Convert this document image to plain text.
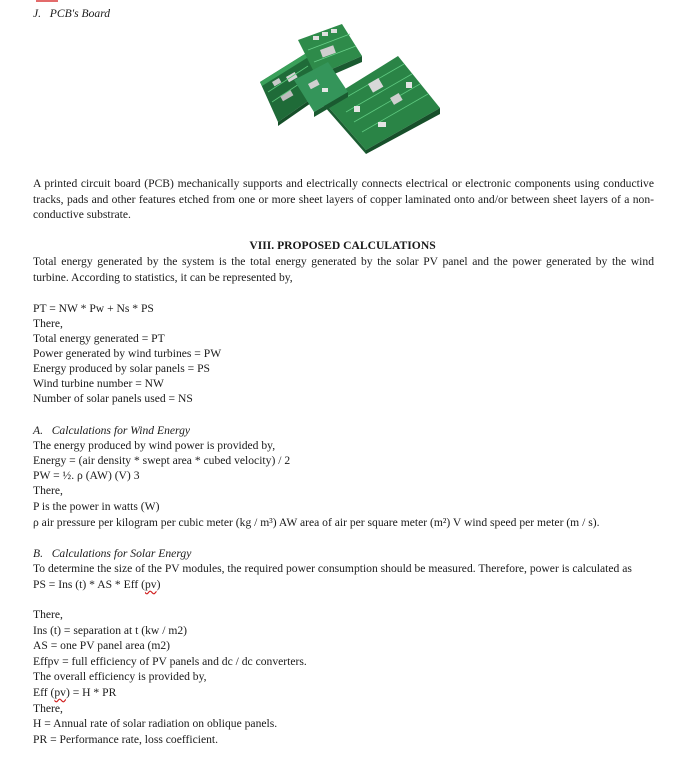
J. PCB's Board
A printed circuit board (PCB) mechanically supports and electrically connects electrical or electronic components using conductive tracks, pads and other features etched from one or more sheet layers of copper laminated onto and/or between sheet layers of a non-conductive substrate.
VIII. PROPOSED CALCULATIONS
Total energy generated by the system is the total energy generated by the solar PV panel and the power generated by the wind turbine. According to statistics, it can be represented by,
PT = NW * Pw + Ns * PS
There,
Total energy generated = PT
Power generated by wind turbines = PW
Energy produced by solar panels = PS
Wind turbine number = NW
Number of solar panels used = NS
A. Calculations for Wind Energy
The energy produced by wind power is provided by,
Energy = (air density * swept area * cubed velocity) / 2
PW = ½. ρ (AW) (V) 3
There,
P is the power in watts (W)
ρ air pressure per kilogram per cubic meter (kg / m³) AW area of air per square meter (m²) V wind speed per meter (m / s).
B. Calculations for Solar Energy
To determine the size of the PV modules, the required power consumption should be measured. Therefore, power is calculated as
PS = Ins (t) * AS * Eff (pv)
There,
Ins (t) = separation at t (kw / m2)
AS = one PV panel area (m2)
Effpv = full efficiency of PV panels and dc / dc converters.
The overall efficiency is provided by,
Eff (pv) = H * PR
There,
H = Annual rate of solar radiation on oblique panels.
PR = Performance rate, loss coefficient.
